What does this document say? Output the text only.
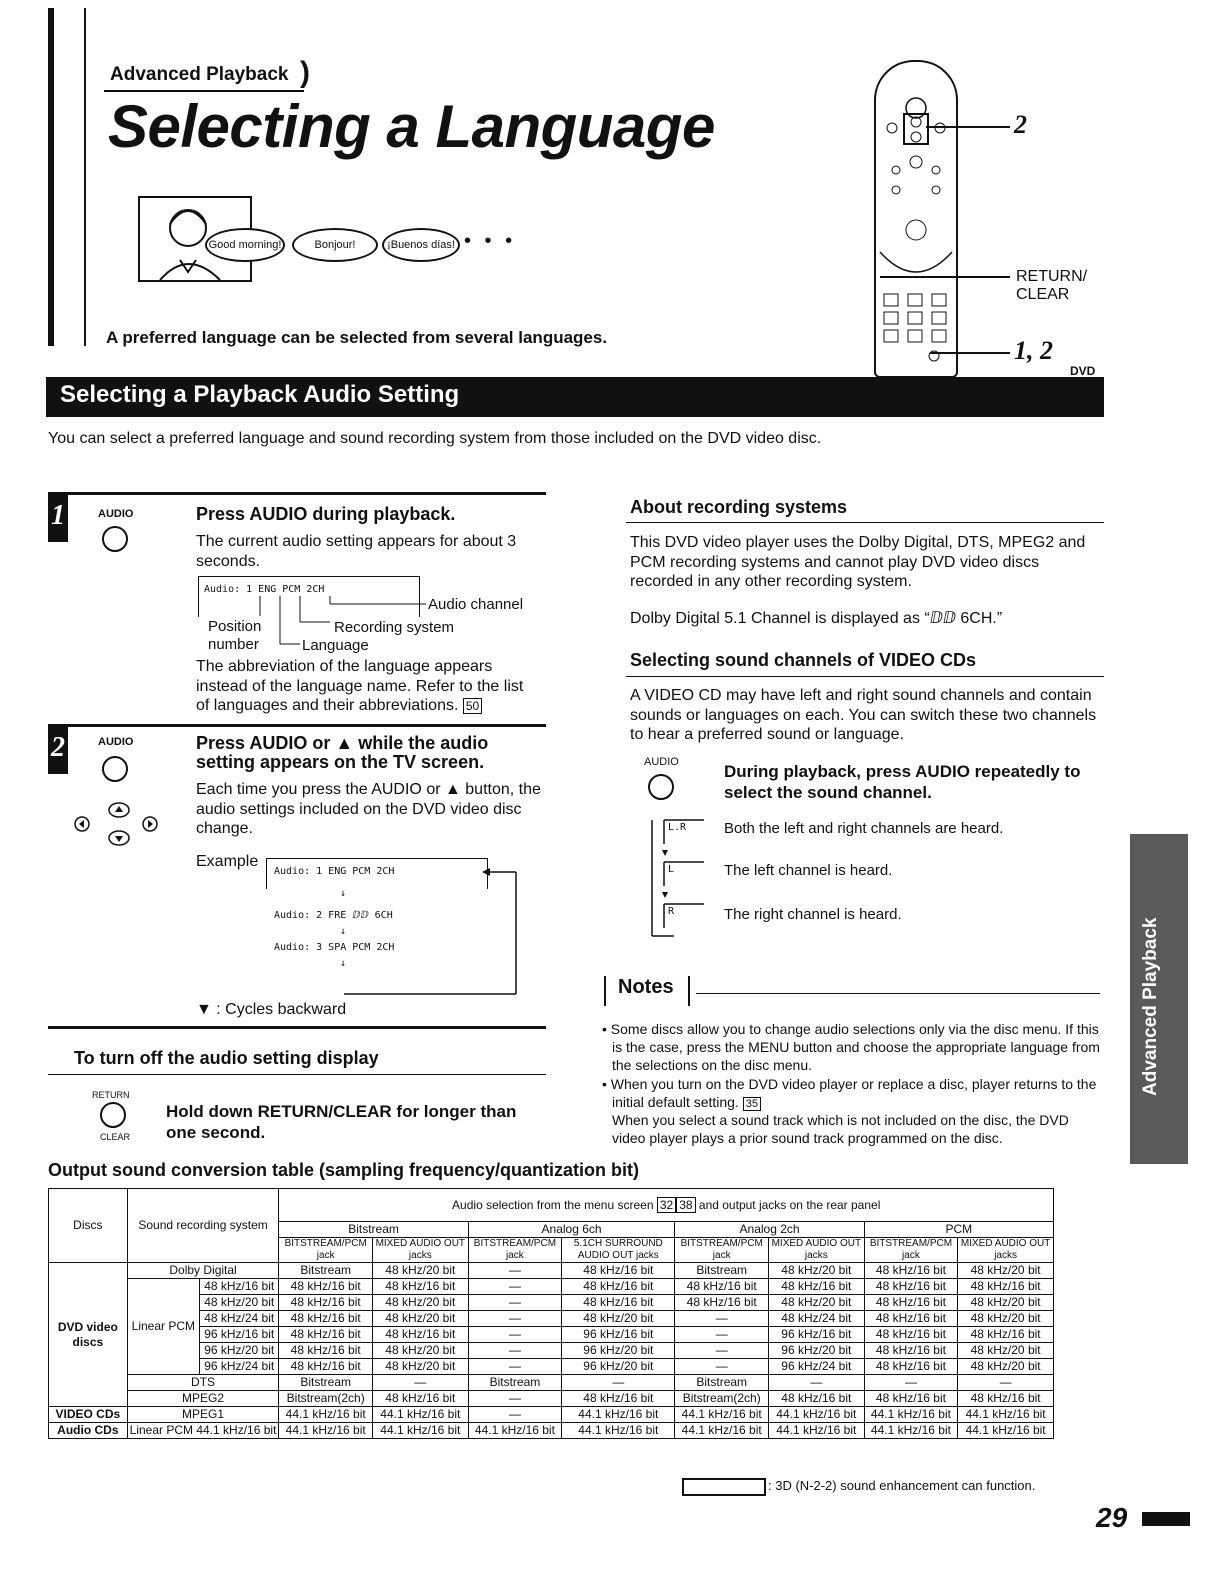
Advanced Playback )
Selecting a Language
Good morning!	Bonjour!	¡Buenos días! • • •
A preferred language can be selected from several languages.
2
RETURN/
CLEAR
1, 2
Selecting a Playback Audio Setting
DVD
You can select a preferred language and sound recording system from those included on the DVD video disc.
1	AUDIO	Press AUDIO during playback.
The current audio setting appears for about 3 seconds.
Audio: 1 ENG PCM 2CH
Audio channel
Position
number
Recording system
Language
The abbreviation of the language appears instead of the language name. Refer to the list of languages and their abbreviations. 50
2	AUDIO	Press AUDIO or ▲ while the audio
setting appears on the TV screen.
Each time you press the AUDIO or ▲ button, the audio settings included on the DVD video disc change.
Example
Audio: 1 ENG PCM 2CH
↓
Audio: 2 FRE ⅅⅅ 6CH
↓
Audio: 3 SPA PCM 2CH
↓
▼ : Cycles backward
To turn off the audio setting display
RETURN
CLEAR
Hold down RETURN/CLEAR for longer than
one second.
About recording systems
This DVD video player uses the Dolby Digital, DTS, MPEG2 and PCM recording systems and cannot play DVD video discs recorded in any other recording system.
Dolby Digital 5.1 Channel is displayed as “ⅅⅅ 6CH.”
Selecting sound channels of VIDEO CDs
A VIDEO CD may have left and right sound channels and contain sounds or languages on each. You can switch these two channels to hear a preferred sound or language.
AUDIO	During playback, press AUDIO repeatedly to
select the sound channel.
L.R	Both the left and right channels are heard.
L	The left channel is heard.
R	The right channel is heard.
Notes
• Some discs allow you to change audio selections only via the disc menu. If this is the case, press the MENU button and choose the appropriate language from the selections on the disc menu.
• When you turn on the DVD video player or replace a disc, player returns to the initial default setting. 35
When you select a sound track which is not included on the disc, the DVD video player plays a prior sound track programmed on the disc.
Advanced Playback
Output sound conversion table (sampling frequency/quantization bit)
Discs	Sound recording system		Audio selection from the menu screen 32 38 and output jacks on the rear panel							
			Bitstream		Analog 6ch		Analog 2ch		PCM	
			BITSTREAM/PCM jack	MIXED AUDIO OUT jacks	BITSTREAM/PCM jack	5.1CH SURROUND AUDIO OUT jacks	BITSTREAM/PCM jack	MIXED AUDIO OUT jacks	BITSTREAM/PCM jack	MIXED AUDIO OUT jacks
DVD video discs	Dolby Digital		Bitstream	48 kHz/20 bit	—	48 kHz/16 bit	Bitstream	48 kHz/20 bit	48 kHz/16 bit	48 kHz/20 bit
	Linear PCM	48 kHz/16 bit	48 kHz/16 bit	48 kHz/16 bit	—	48 kHz/16 bit	48 kHz/16 bit	48 kHz/16 bit	48 kHz/16 bit	48 kHz/16 bit
		48 kHz/20 bit	48 kHz/16 bit	48 kHz/20 bit	—	48 kHz/16 bit	48 kHz/16 bit	48 kHz/20 bit	48 kHz/16 bit	48 kHz/20 bit
		48 kHz/24 bit	48 kHz/16 bit	48 kHz/20 bit	—	48 kHz/20 bit	—	48 kHz/24 bit	48 kHz/16 bit	48 kHz/20 bit
		96 kHz/16 bit	48 kHz/16 bit	48 kHz/16 bit	—	96 kHz/16 bit	—	96 kHz/16 bit	48 kHz/16 bit	48 kHz/16 bit
		96 kHz/20 bit	48 kHz/16 bit	48 kHz/20 bit	—	96 kHz/20 bit	—	96 kHz/20 bit	48 kHz/16 bit	48 kHz/20 bit
		96 kHz/24 bit	48 kHz/16 bit	48 kHz/20 bit	—	96 kHz/20 bit	—	96 kHz/24 bit	48 kHz/16 bit	48 kHz/20 bit
	DTS		Bitstream	—	Bitstream	—	Bitstream	—	—	—
	MPEG2		Bitstream(2ch)	48 kHz/16 bit	—	48 kHz/16 bit	Bitstream(2ch)	48 kHz/16 bit	48 kHz/16 bit	48 kHz/16 bit
VIDEO CDs	MPEG1		44.1 kHz/16 bit	44.1 kHz/16 bit	—	44.1 kHz/16 bit	44.1 kHz/16 bit	44.1 kHz/16 bit	44.1 kHz/16 bit	44.1 kHz/16 bit
Audio CDs	Linear PCM 44.1 kHz/16 bit		44.1 kHz/16 bit	44.1 kHz/16 bit	44.1 kHz/16 bit	44.1 kHz/16 bit	44.1 kHz/16 bit	44.1 kHz/16 bit	44.1 kHz/16 bit	44.1 kHz/16 bit
: 3D (N-2-2) sound enhancement can function.
29
